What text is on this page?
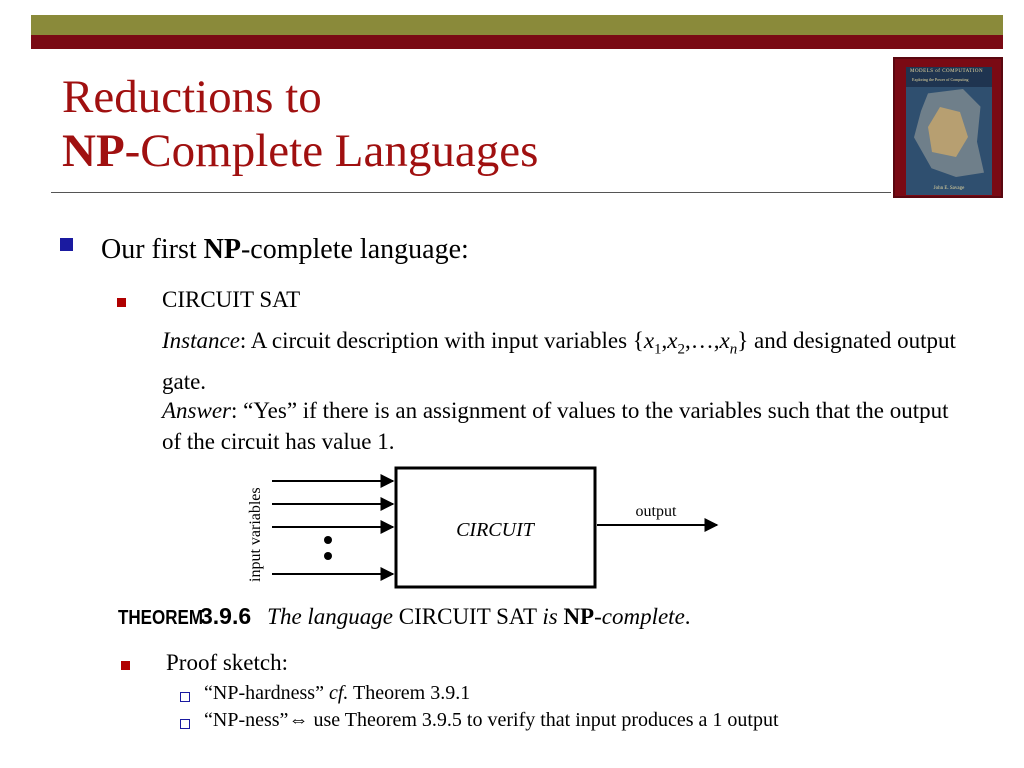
MODELS of COMPUTATION
Exploring the Power of Computing
John E. Savage
Reductions to
NP-Complete Languages
Our first NP-complete language:
CIRCUIT SAT
Instance: A circuit description with input variables $\{x_1,x_2,\dots,x_n\}$ and designated output gate.
Answer: “Yes” if there is an assignment of values to the variables such that the output of the circuit has value 1.
CIRCUIT
output
input variables
THEOREM3.9.6 The language CIRCUIT SAT is NP-complete.
Proof sketch:
“NP-hardness” cf. Theorem 3.9.1
“NP-ness”⇔ use Theorem 3.9.5 to verify that input produces a 1 output
